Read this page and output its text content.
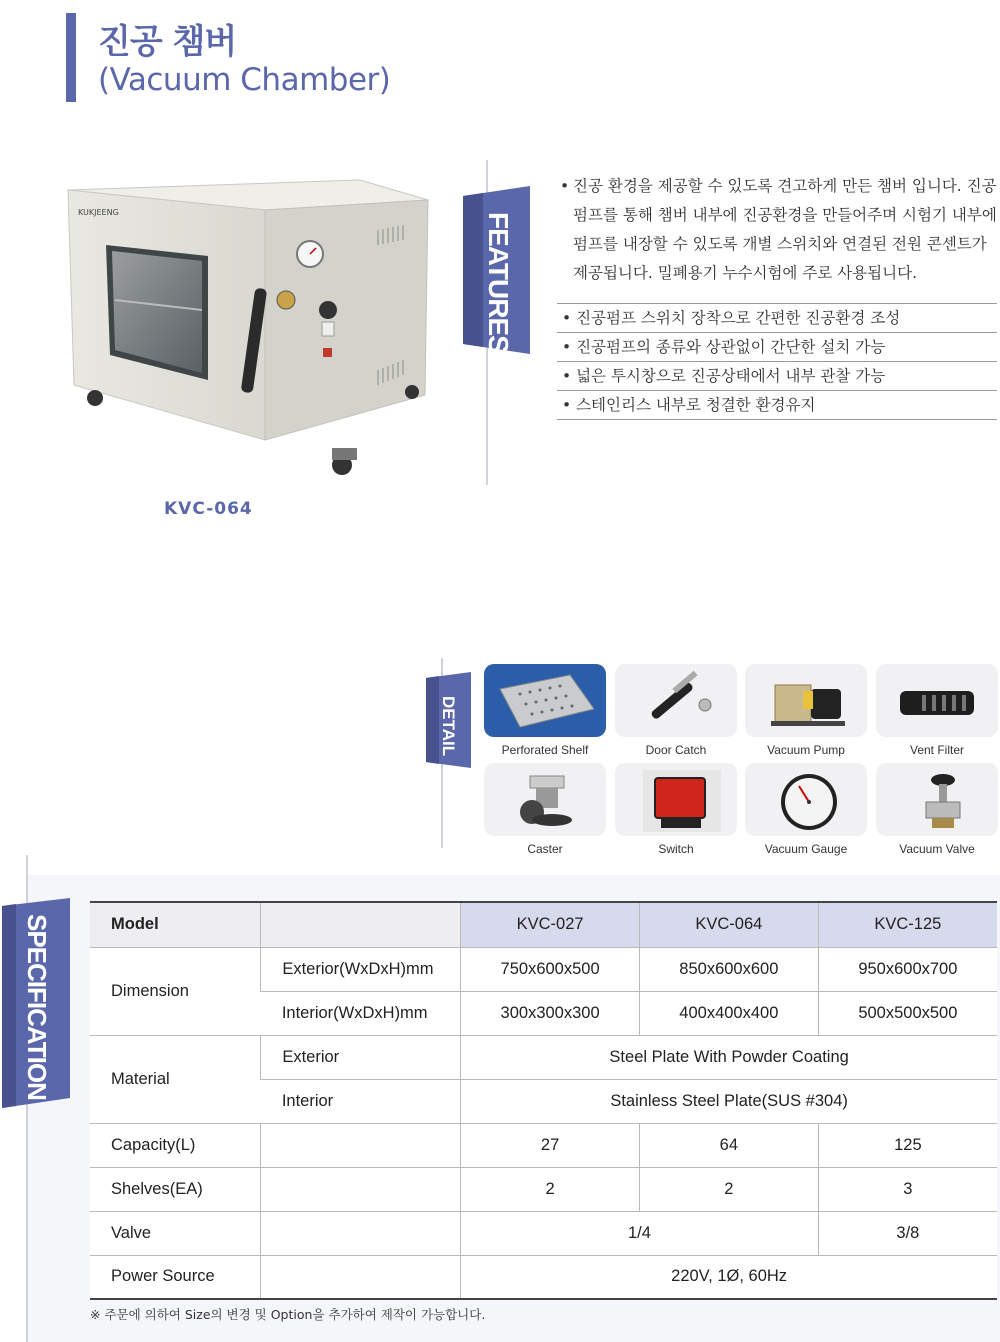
진공 챔버
(Vacuum Chamber)
KUKJEENG
KVC-064
FEATURES
• 진공 환경을 제공할 수 있도록 견고하게 만든 챔버 입니다. 진공펌프를 통해 챔버 내부에 진공환경을 만들어주며 시험기 내부에 펌프를 내장할 수 있도록 개별 스위치와 연결된 전원 콘센트가 제공됩니다. 밀폐용기 누수시험에 주로 사용됩니다.
• 진공펌프 스위치 장착으로 간편한 진공환경 조성
• 진공펌프의 종류와 상관없이 간단한 설치 가능
• 넓은 투시창으로 진공상태에서 내부 관찰 가능
• 스테인리스 내부로 청결한 환경유지
DETAIL	Perforated Shelf	Door Catch	Vacuum Pump	Vent Filter
Caster	Switch	Vacuum Gauge	Vacuum Valve
SPECIFICATION	Model		KVC-027	KVC-064	KVC-125
Dimension	Exterior(WxDxH)mm	750x600x500	850x600x600	950x600x700
	Interior(WxDxH)mm	300x300x300	400x400x400	500x500x500
Material	Exterior	Steel Plate With Powder Coating		
	Interior	Stainless Steel Plate(SUS #304)		
Capacity(L)		27	64	125
Shelves(EA)		2	2	3
Valve		1/4		3/8
Power Source		220V, 1Ø, 60Hz		
※ 주문에 의하여 Size의 변경 및 Option을 추가하여 제작이 가능합니다.
